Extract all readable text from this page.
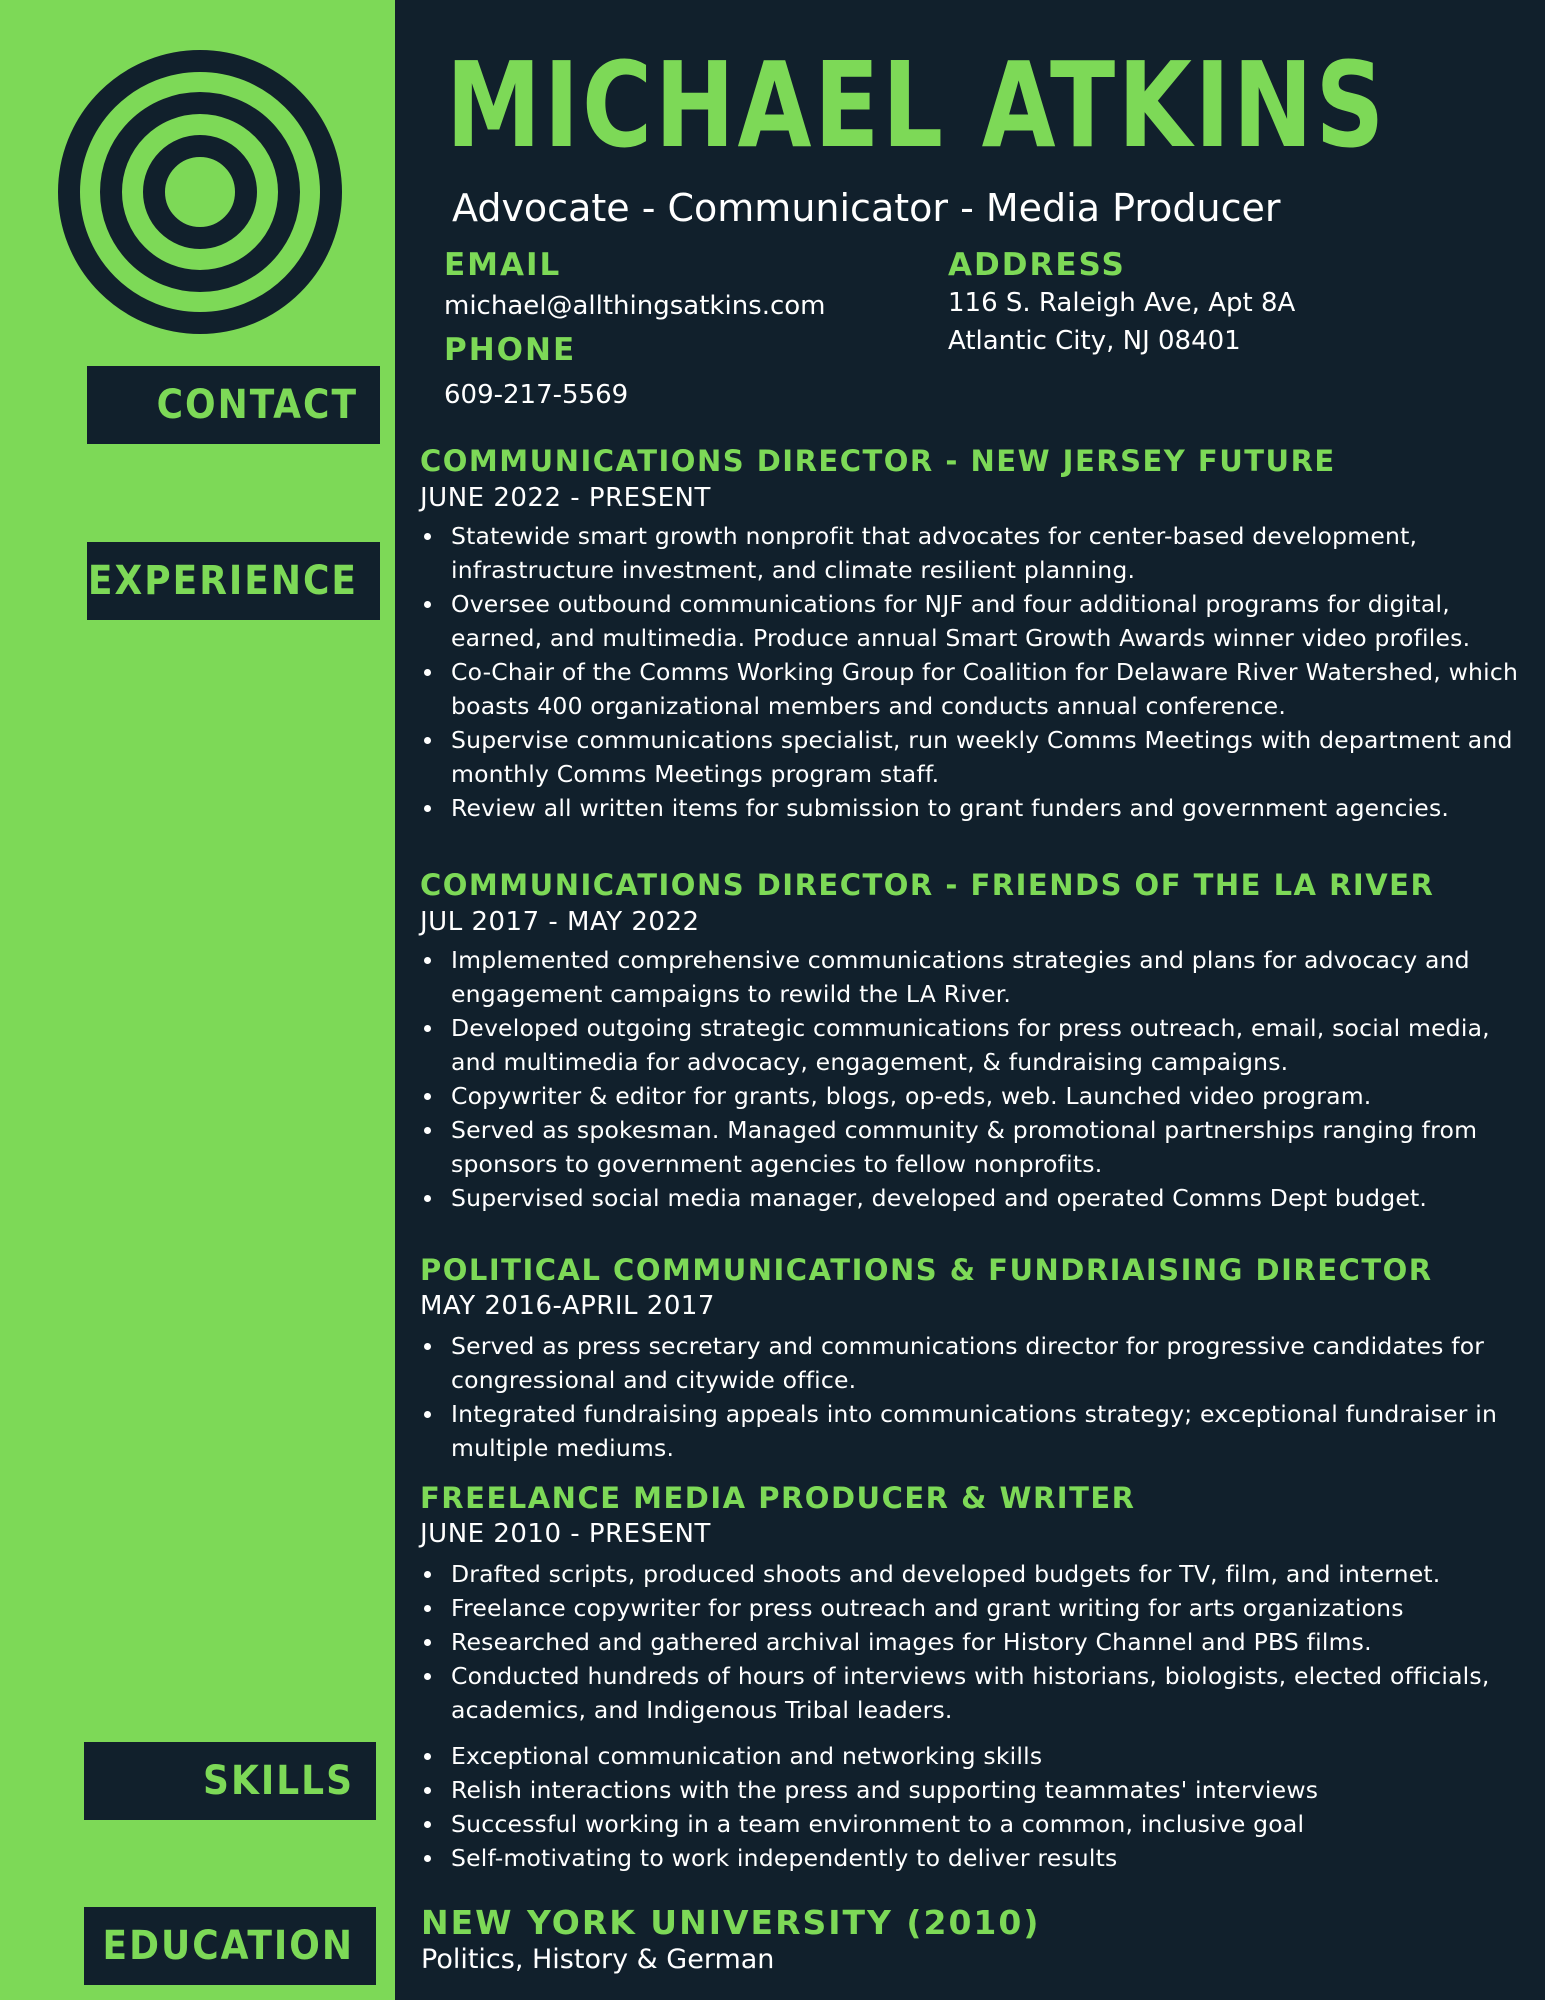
CONTACT
EXPERIENCE
SKILLS
EDUCATION
MICHAEL ATKINS
Advocate - Communicator - Media Producer
EMAIL
michael@allthingsatkins.com
PHONE
609-217-5569
ADDRESS
116 S. Raleigh Ave, Apt 8A
Atlantic City, NJ 08401
COMMUNICATIONS DIRECTOR - NEW JERSEY FUTURE
JUNE 2022 - PRESENT
Statewide smart growth nonprofit that advocates for center-based development, infrastructure investment, and climate resilient planning.
Oversee outbound communications for NJF and four additional programs for digital, earned, and multimedia. Produce annual Smart Growth Awards winner video profiles.
Co-Chair of the Comms Working Group for Coalition for Delaware River Watershed, which boasts 400 organizational members and conducts annual conference.
Supervise communications specialist, run weekly Comms Meetings with department and monthly Comms Meetings program staff.
Review all written items for submission to grant funders and government agencies.
COMMUNICATIONS DIRECTOR - FRIENDS OF THE LA RIVER
JUL 2017 - MAY 2022
Implemented comprehensive communications strategies and plans for advocacy and engagement campaigns to rewild the LA River.
Developed outgoing strategic communications for press outreach, email, social media, and multimedia for advocacy, engagement, & fundraising campaigns.
Copywriter & editor for grants, blogs, op-eds, web. Launched video program.
Served as spokesman. Managed community & promotional partnerships ranging from sponsors to government agencies to fellow nonprofits.
Supervised social media manager, developed and operated Comms Dept budget.
POLITICAL COMMUNICATIONS & FUNDRIAISING DIRECTOR
MAY 2016-APRIL 2017
Served as press secretary and communications director for progressive candidates for congressional and citywide office.
Integrated fundraising appeals into communications strategy; exceptional fundraiser in multiple mediums.
FREELANCE MEDIA PRODUCER & WRITER
JUNE 2010 - PRESENT
Drafted scripts, produced shoots and developed budgets for TV, film, and internet.
Freelance copywriter for press outreach and grant writing for arts organizations
Researched and gathered archival images for History Channel and PBS films.
Conducted hundreds of hours of interviews with historians, biologists, elected officials, academics, and Indigenous Tribal leaders.
Exceptional communication and networking skills
Relish interactions with the press and supporting teammates' interviews
Successful working in a team environment to a common, inclusive goal
Self-motivating to work independently to deliver results
NEW YORK UNIVERSITY (2010)
Politics, History & German
